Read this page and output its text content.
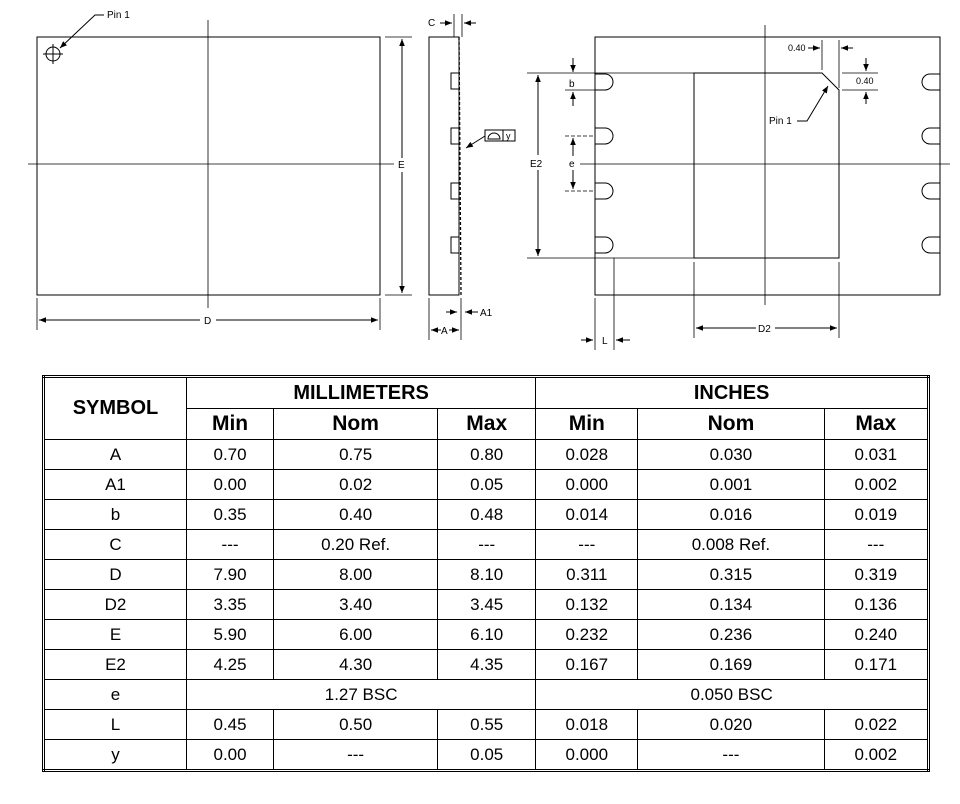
Pin 1
E
D
C
y
A1
A
b
e
E2
L
D2
0.40
0.40
Pin 1
SYMBOL	MILLIMETERS			INCHES		
	Min	Nom	Max	Min	Nom	Max
A	0.70	0.75	0.80	0.028	0.030	0.031
A1	0.00	0.02	0.05	0.000	0.001	0.002
b	0.35	0.40	0.48	0.014	0.016	0.019
C	---	0.20 Ref.	---	---	0.008 Ref.	---
D	7.90	8.00	8.10	0.311	0.315	0.319
D2	3.35	3.40	3.45	0.132	0.134	0.136
E	5.90	6.00	6.10	0.232	0.236	0.240
E2	4.25	4.30	4.35	0.167	0.169	0.171
e	1.27 BSC			0.050 BSC		
L	0.45	0.50	0.55	0.018	0.020	0.022
y	0.00	---	0.05	0.000	---	0.002
